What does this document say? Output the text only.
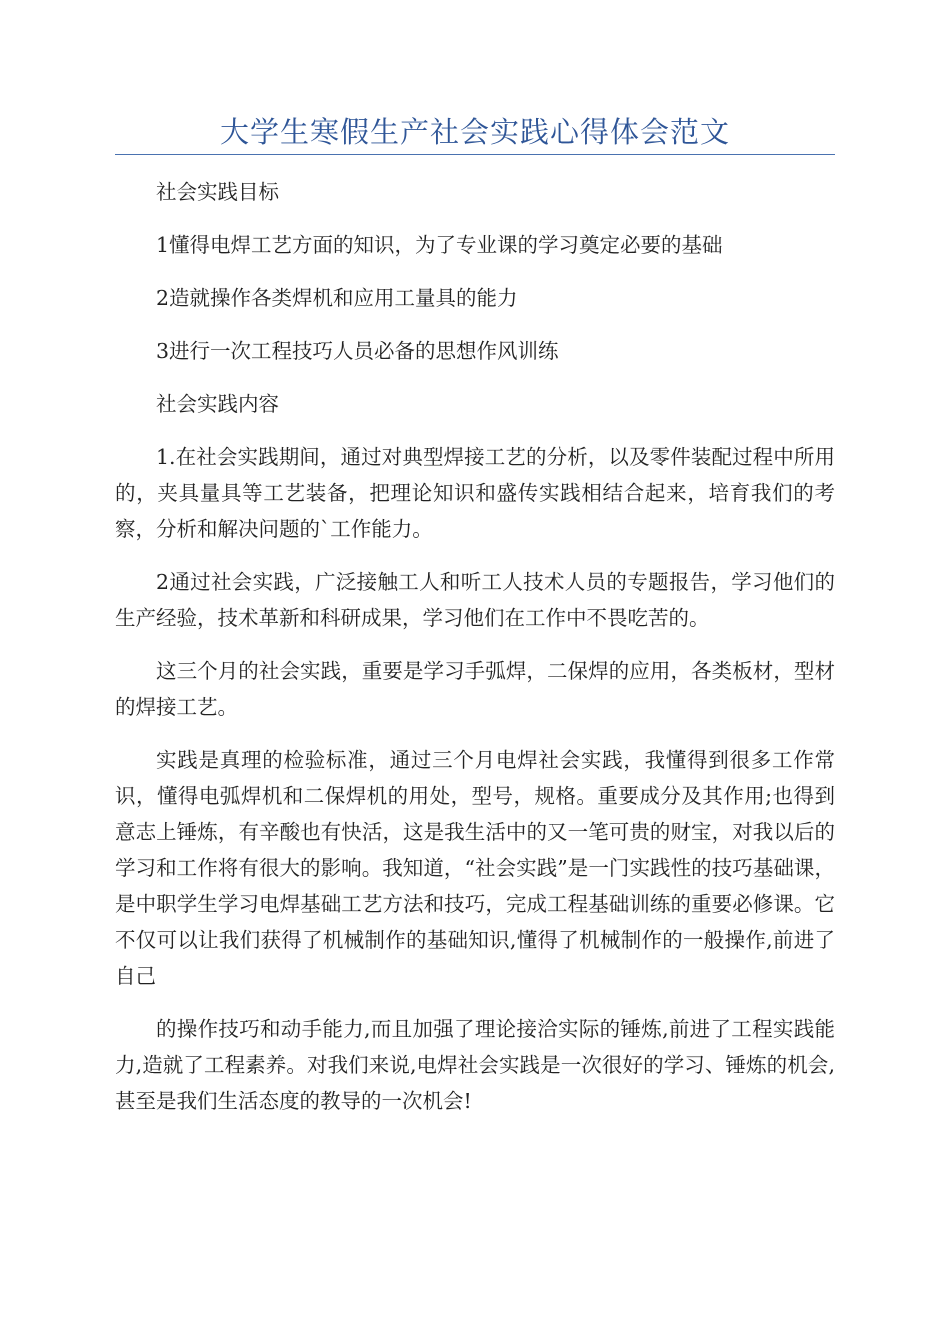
大学生寒假生产社会实践心得体会范文

社会实践目标

1懂得电焊工艺方面的知识，为了专业课的学习奠定必要的基础

2造就操作各类焊机和应用工量具的能力

3进行一次工程技巧人员必备的思想作风训练

社会实践内容

1.在社会实践期间，通过对典型焊接工艺的分析，以及零件装配过程中所用的，夹具量具等工艺装备，把理论知识和盛传实践相结合起来，培育我们的考察，分析和解决问题的`工作能力。

2通过社会实践，广泛接触工人和听工人技术人员的专题报告，学习他们的生产经验，技术革新和科研成果，学习他们在工作中不畏吃苦的。

这三个月的社会实践，重要是学习手弧焊，二保焊的应用，各类板材，型材的焊接工艺。

实践是真理的检验标准，通过三个月电焊社会实践，我懂得到很多工作常识，懂得电弧焊机和二保焊机的用处，型号，规格。重要成分及其作用;也得到意志上锤炼，有辛酸也有快活，这是我生活中的又一笔可贵的财宝，对我以后的学习和工作将有很大的影响。我知道，“社会实践”是一门实践性的技巧基础课，是中职学生学习电焊基础工艺方法和技巧，完成工程基础训练的重要必修课。它不仅可以让我们获得了机械制作的基础知识,懂得了机械制作的一般操作,前进了自己

的操作技巧和动手能力,而且加强了理论接洽实际的锤炼,前进了工程实践能力,造就了工程素养。对我们来说,电焊社会实践是一次很好的学习、锤炼的机会,甚至是我们生活态度的教导的一次机会!
